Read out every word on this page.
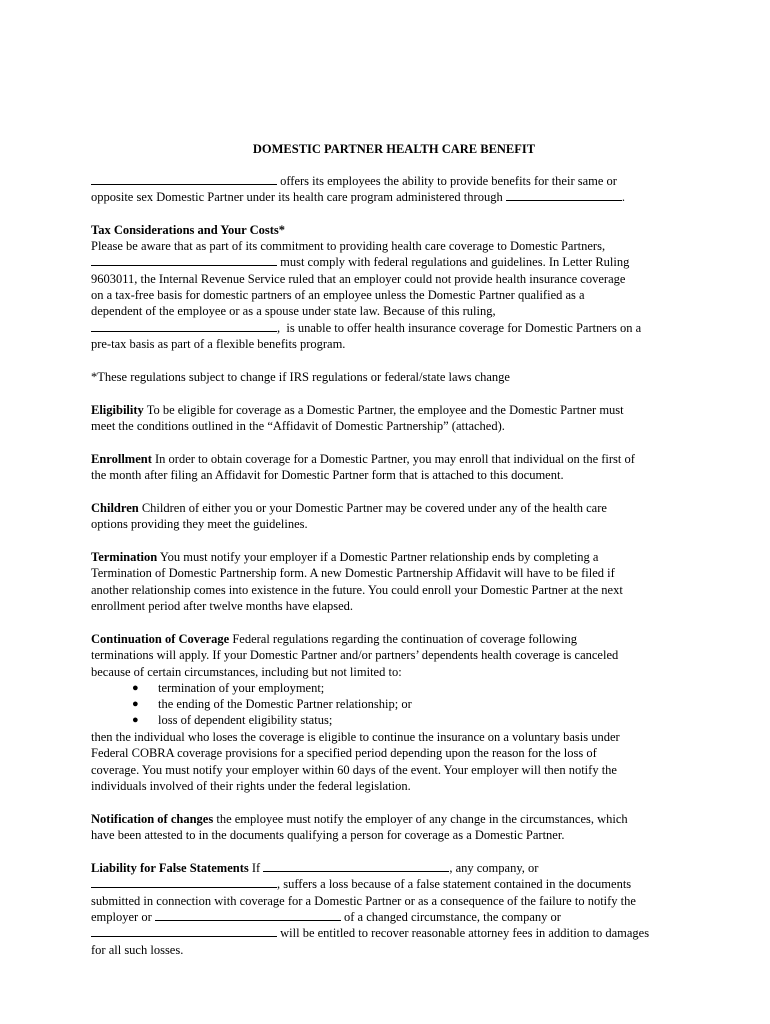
DOMESTIC PARTNER HEALTH CARE BENEFIT
offers its employees the ability to provide benefits for their same or
opposite sex Domestic Partner under its health care program administered through	.
Tax Considerations and Your Costs*
Please be aware that as part of its commitment to providing health care coverage to Domestic Partners,
must comply with federal regulations and guidelines. In Letter Ruling
9603011, the Internal Revenue Service ruled that an employer could not provide health insurance coverage
on a tax-free basis for domestic partners of an employee unless the Domestic Partner qualified as a
dependent of the employee or as a spouse under state law. Because of this ruling,
,  is unable to offer health insurance coverage for Domestic Partners on a
pre-tax basis as part of a flexible benefits program.
*These regulations subject to change if IRS regulations or federal/state laws change
Eligibility To be eligible for coverage as a Domestic Partner, the employee and the Domestic Partner must
meet the conditions outlined in the “Affidavit of Domestic Partnership” (attached).
Enrollment In order to obtain coverage for a Domestic Partner, you may enroll that individual on the first of
the month after filing an Affidavit for Domestic Partner form that is attached to this document.
Children Children of either you or your Domestic Partner may be covered under any of the health care
options providing they meet the guidelines.
Termination You must notify your employer if a Domestic Partner relationship ends by completing a
Termination of Domestic Partnership form. A new Domestic Partnership Affidavit will have to be filed if
another relationship comes into existence in the future. You could enroll your Domestic Partner at the next
enrollment period after twelve months have elapsed.
Continuation of Coverage Federal regulations regarding the continuation of coverage following
terminations will apply. If your Domestic Partner and/or partners’ dependents health coverage is canceled
because of certain circumstances, including but not limited to:
● termination of your employment;
● the ending of the Domestic Partner relationship; or
● loss of dependent eligibility status;
then the individual who loses the coverage is eligible to continue the insurance on a voluntary basis under
Federal COBRA coverage provisions for a specified period depending upon the reason for the loss of
coverage. You must notify your employer within 60 days of the event. Your employer will then notify the
individuals involved of their rights under the federal legislation.
Notification of changes the employee must notify the employer of any change in the circumstances, which
have been attested to in the documents qualifying a person for coverage as a Domestic Partner.
Liability for False Statements If	, any company, or
, suffers a loss because of a false statement contained in the documents
submitted in connection with coverage for a Domestic Partner or as a consequence of the failure to notify the
employer or	of a changed circumstance, the company or
will be entitled to recover reasonable attorney fees in addition to damages
for all such losses.
